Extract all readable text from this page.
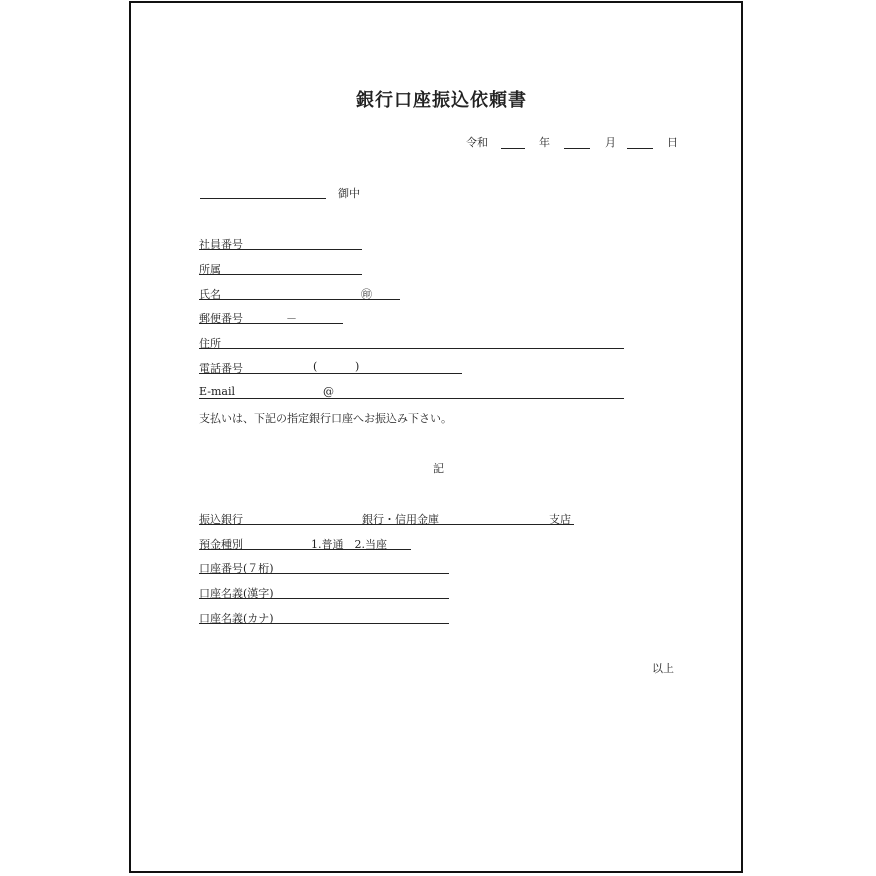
銀行口座振込依頼書
令和	年	月	日
御中
社員番号
所属
氏名	㊞
郵便番号	－
住所
電話番号	(	)
E-mail	@
支払いは、下記の指定銀行口座へお振込み下さい。
記
振込銀行	銀行・信用金庫	支店
預金種別	1.普通　2.当座
口座番号(７桁)
口座名義(漢字)
口座名義(カナ)
以上
